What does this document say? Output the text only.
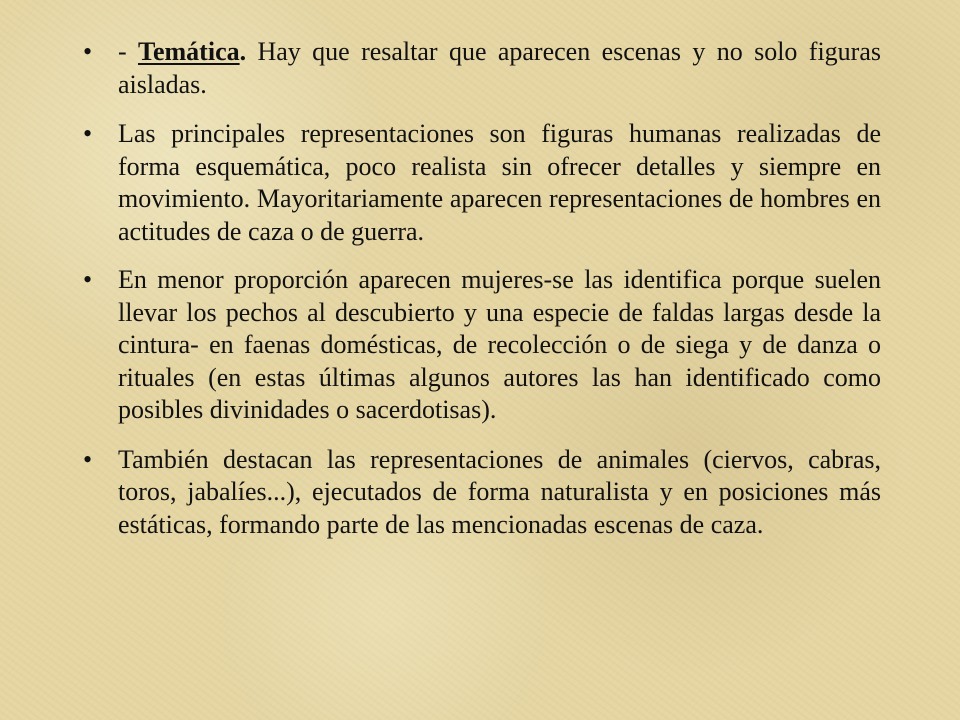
• - Temática. Hay que resaltar que aparecen escenas y no solo figuras aisladas.
• Las principales representaciones son figuras humanas realizadas de forma esquemática, poco realista sin ofrecer detalles y siempre en movimiento. Mayoritariamente aparecen representaciones de hombres en actitudes de caza o de guerra.
• En menor proporción aparecen mujeres-se las identifica porque suelen llevar los pechos al descubierto y una especie de faldas largas desde la cintura- en faenas domésticas, de recolección o de siega y de danza o rituales (en estas últimas algunos autores las han identificado como posibles divinidades o sacerdotisas).
• También destacan las representaciones de animales (ciervos, cabras, toros, jabalíes...), ejecutados de forma naturalista y en posiciones más estáticas, formando parte de las mencionadas escenas de caza.
